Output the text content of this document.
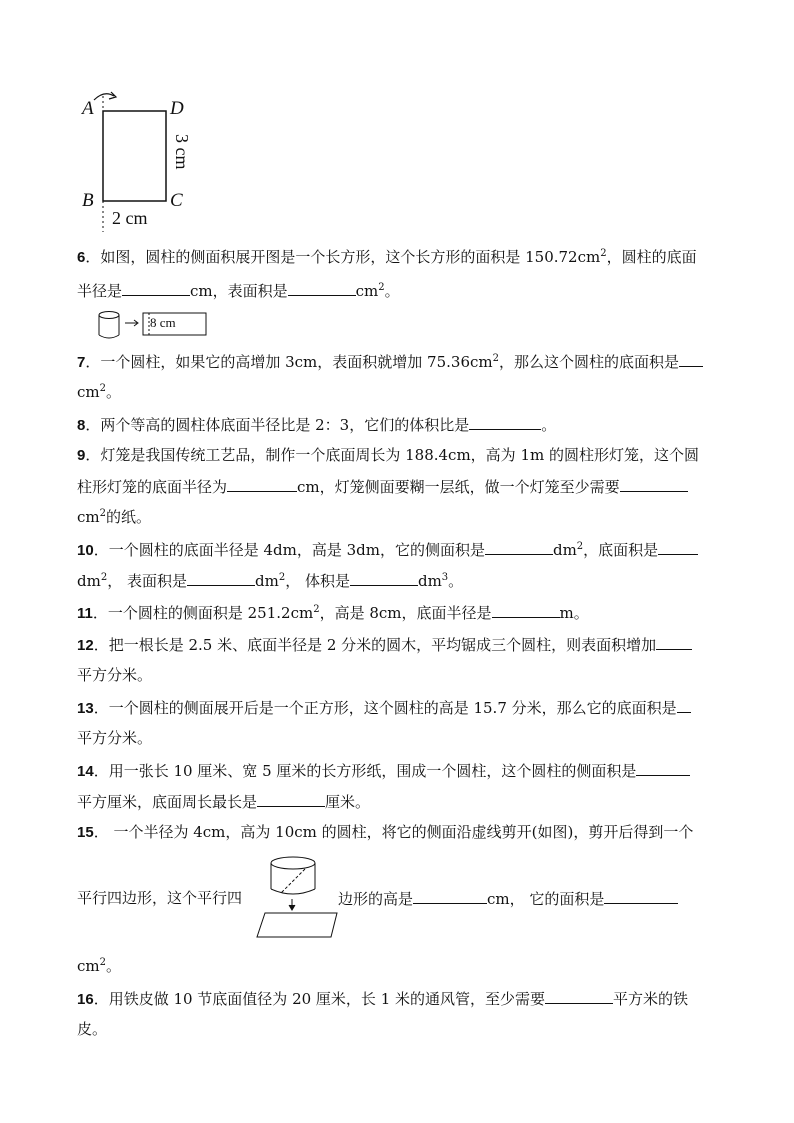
A	D
B	C
2 cm
3 cm
6．如图，圆柱的侧面积展开图是一个长方形，这个长方形的面积是 $150.72cm^2$，圆柱的底面
半径是	cm，表面积是	$cm^2$。
8 cm
7．一个圆柱，如果它的高增加 3cm，表面积就增加 $75.36cm^2$，那么这个圆柱的底面积是
$cm^2$。
8．两个等高的圆柱体底面半径比是 2：3，它们的体积比是	。
9．灯笼是我国传统工艺品，制作一个底面周长为 188.4cm，高为 1m 的圆柱形灯笼，这个圆
柱形灯笼的底面半径为	cm，灯笼侧面要糊一层纸，做一个灯笼至少需要
$cm^2$的纸。
10．一个圆柱的底面半径是 4dm，高是 3dm，它的侧面积是	$dm^2$，底面积是
$dm^2$， 表面积是	$dm^2$， 体积是	$dm^3$。
11．一个圆柱的侧面积是 $251.2cm^2$，高是 8cm，底面半径是	m。
12．把一根长是 2.5 米、底面半径是 2 分米的圆木，平均锯成三个圆柱，则表面积增加
平方分米。
13．一个圆柱的侧面展开后是一个正方形，这个圆柱的高是 15.7 分米，那么它的底面积是
平方分米。
14．用一张长 10 厘米、宽 5 厘米的长方形纸，围成一个圆柱，这个圆柱的侧面积是
平方厘米，底面周长最长是	厘米。
15． 一个半径为 4cm，高为 10cm 的圆柱，将它的侧面沿虚线剪开(如图)，剪开后得到一个
平行四边形，这个平行四	边形的高是	cm， 它的面积是
$cm^2$。
16．用铁皮做 10 节底面值径为 20 厘米，长 1 米的通风管，至少需要	平方米的铁
皮。
